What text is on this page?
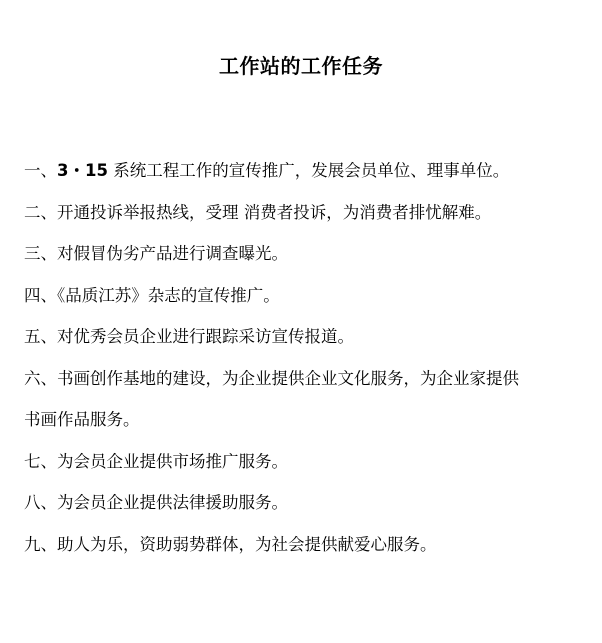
工作站的工作任务
一、3・15 系统工程工作的宣传推广，发展会员单位、理事单位。
二、开通投诉举报热线，受理 消费者投诉，为消费者排忧解难。
三、对假冒伪劣产品进行调查曝光。
四、《品质江苏》杂志的宣传推广。
五、对优秀会员企业进行跟踪采访宣传报道。
六、书画创作基地的建设，为企业提供企业文化服务，为企业家提供
书画作品服务。
七、为会员企业提供市场推广服务。
八、为会员企业提供法律援助服务。
九、助人为乐，资助弱势群体，为社会提供献爱心服务。
